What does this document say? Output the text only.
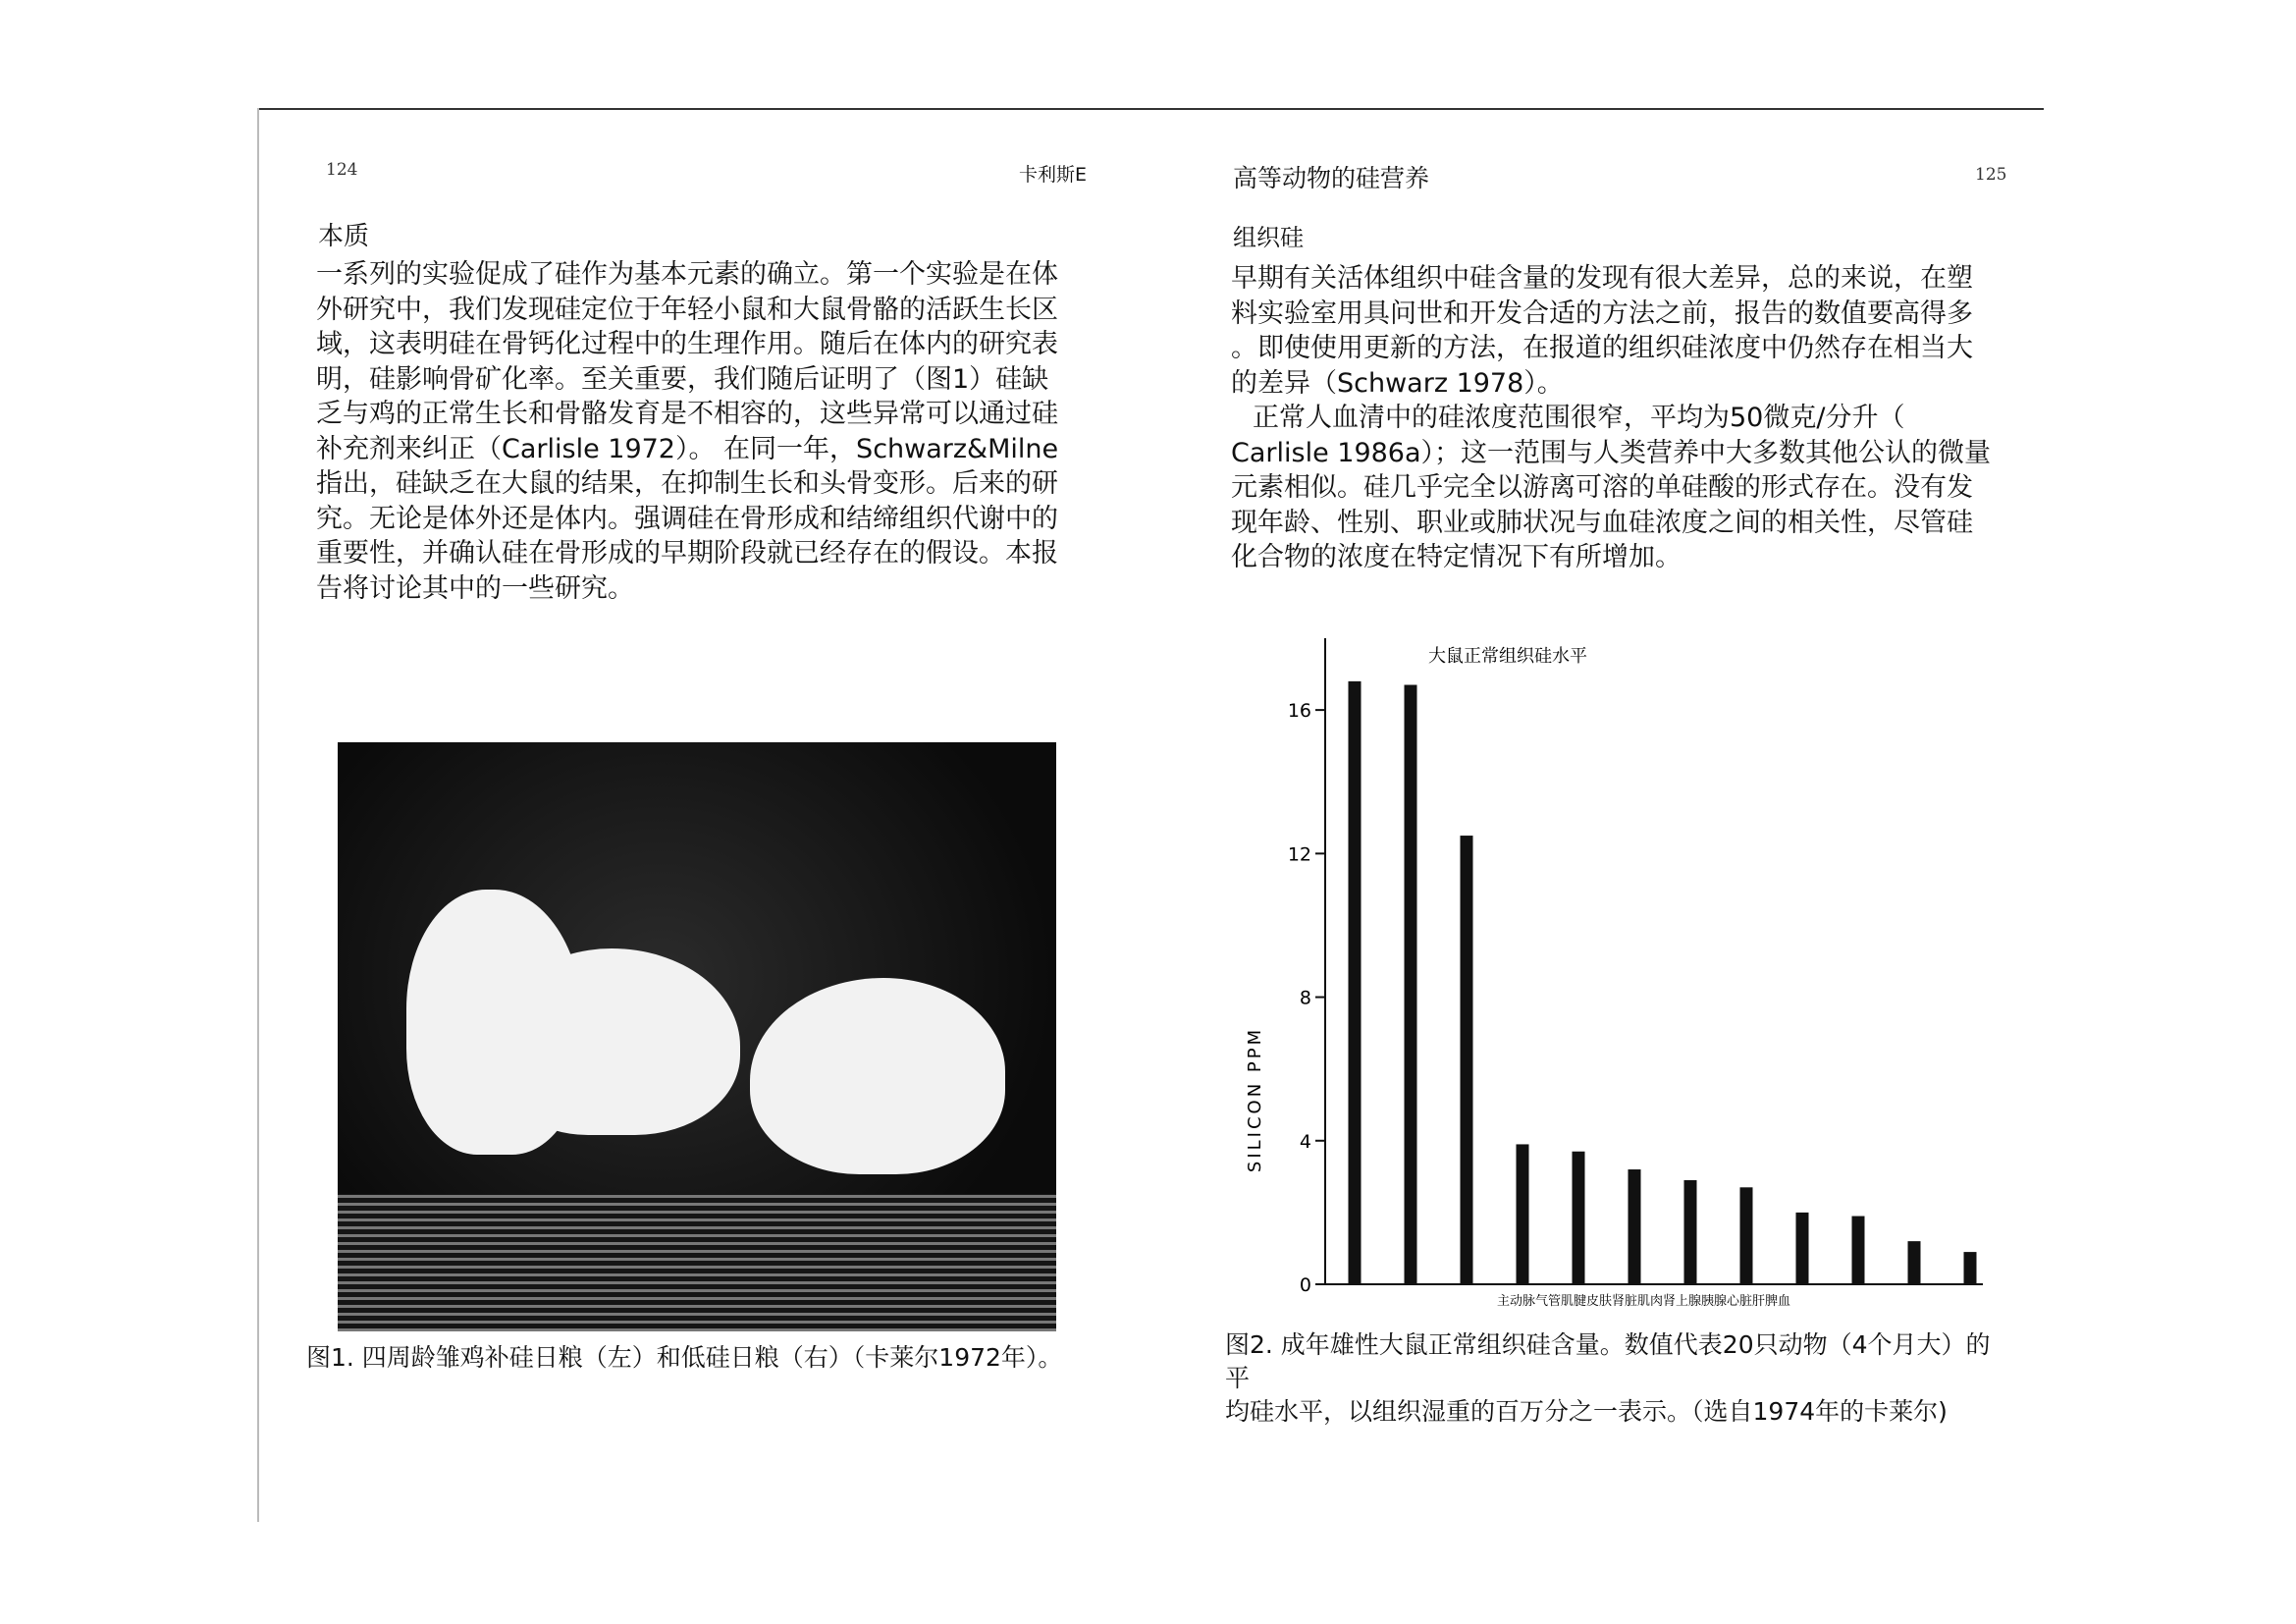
124	卡利斯E
本质
一系列的实验促成了硅作为基本元素的确立。第一个实验是在体
外研究中，我们发现硅定位于年轻小鼠和大鼠骨骼的活跃生长区
域，这表明硅在骨钙化过程中的生理作用。随后在体内的研究表
明，硅影响骨矿化率。至关重要，我们随后证明了（图1）硅缺
乏与鸡的正常生长和骨骼发育是不相容的，这些异常可以通过硅
补充剂来纠正（Carlisle 1972）。 在同一年，Schwarz&Milne
指出，硅缺乏在大鼠的结果，在抑制生长和头骨变形。后来的研
究。无论是体外还是体内。强调硅在骨形成和结缔组织代谢中的
重要性，并确认硅在骨形成的早期阶段就已经存在的假设。本报
告将讨论其中的一些研究。
图1. 四周龄雏鸡补硅日粮（左）和低硅日粮（右）（卡莱尔1972年）。
高等动物的硅营养	125
组织硅
早期有关活体组织中硅含量的发现有很大差异，总的来说，在塑
料实验室用具问世和开发合适的方法之前，报告的数值要高得多
。即使使用更新的方法，在报道的组织硅浓度中仍然存在相当大
的差异（Schwarz 1978）。
正常人血清中的硅浓度范围很窄，平均为50微克/分升（
Carlisle 1986a）；这一范围与人类营养中大多数其他公认的微量
元素相似。硅几乎完全以游离可溶的单硅酸的形式存在。没有发
现年龄、性别、职业或肺状况与血硅浓度之间的相关性，尽管硅
化合物的浓度在特定情况下有所增加。
大鼠正常组织硅水平
SILICON PPM
主动脉气管肌腱皮肤肾脏肌肉肾上腺胰腺心脏肝脾血
0
4
8
12
16
图2. 成年雄性大鼠正常组织硅含量。数值代表20只动物（4个月大）的平
均硅水平，以组织湿重的百万分之一表示。（选自1974年的卡莱尔)
